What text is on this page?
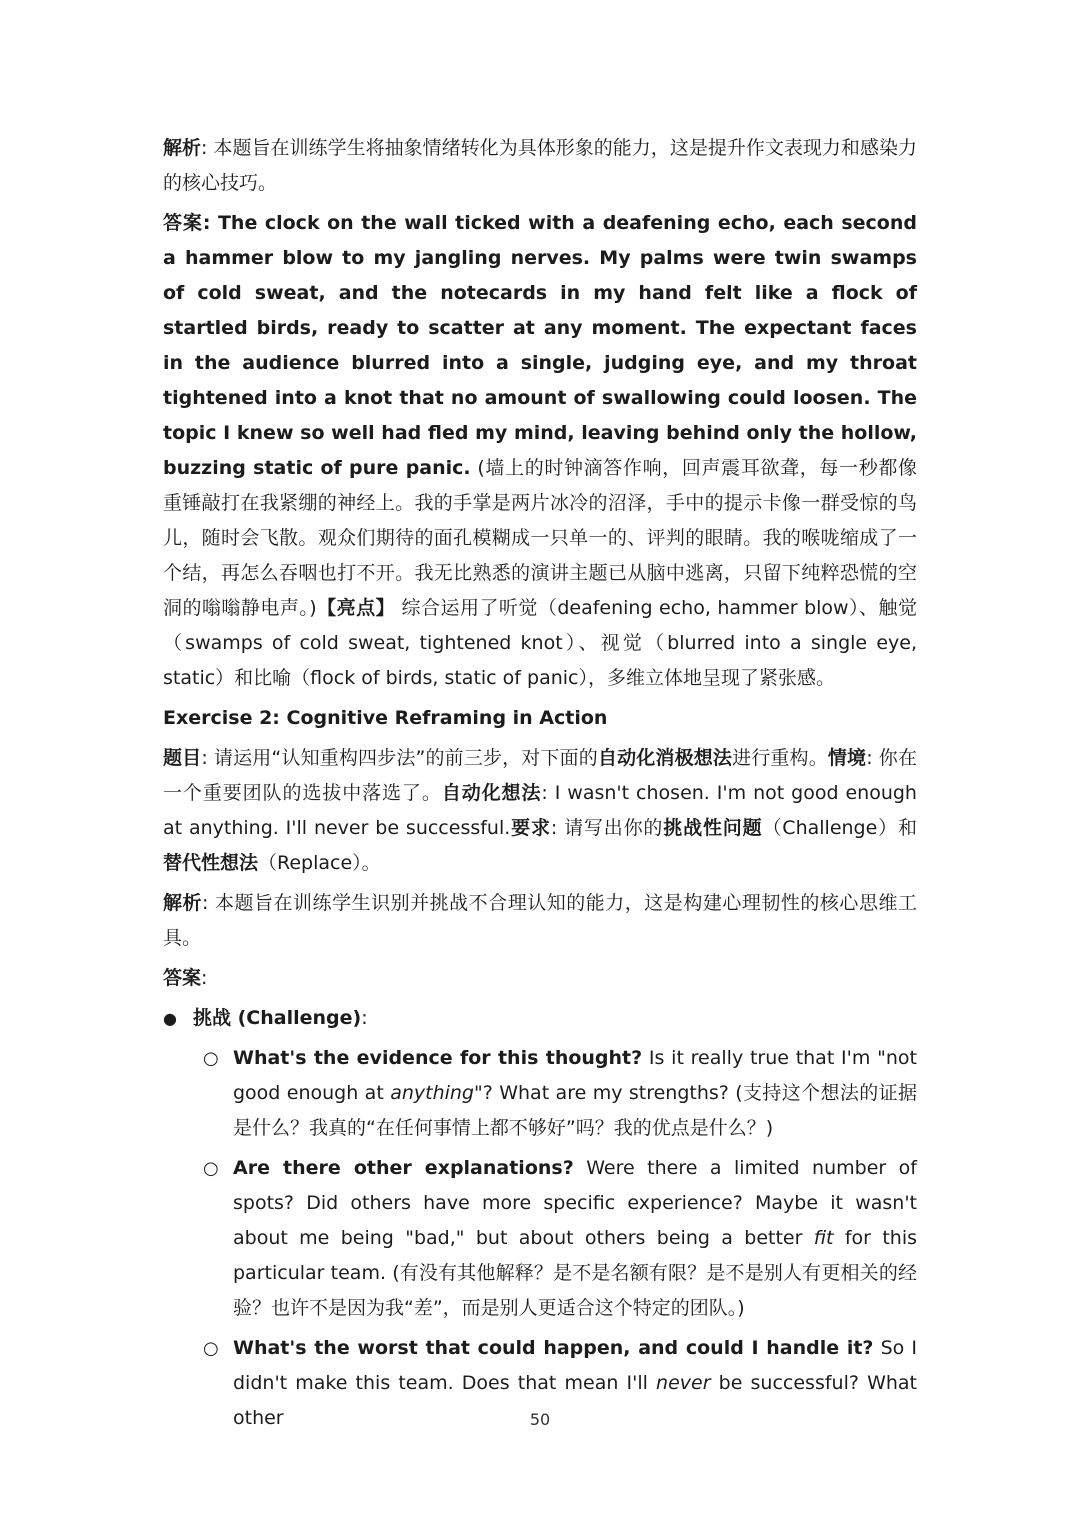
解析: 本题旨在训练学生将抽象情绪转化为具体形象的能力，这是提升作文表现力和感染力的核心技巧。

答案: The clock on the wall ticked with a deafening echo, each second a hammer blow to my jangling nerves. My palms were twin swamps of cold sweat, and the notecards in my hand felt like a flock of startled birds, ready to scatter at any moment. The expectant faces in the audience blurred into a single, judging eye, and my throat tightened into a knot that no amount of swallowing could loosen. The topic I knew so well had fled my mind, leaving behind only the hollow, buzzing static of pure panic. (墙上的时钟滴答作响，回声震耳欲聋，每一秒都像重锤敲打在我紧绷的神经上。我的手掌是两片冰冷的沼泽，手中的提示卡像一群受惊的鸟儿，随时会飞散。观众们期待的面孔模糊成一只单一的、评判的眼睛。我的喉咙缩成了一个结，再怎么吞咽也打不开。我无比熟悉的演讲主题已从脑中逃离，只留下纯粹恐慌的空洞的嗡嗡静电声。)【亮点】 综合运用了听觉（deafening echo, hammer blow）、触觉（swamps of cold sweat, tightened knot）、视觉（blurred into a single eye, static）和比喻（flock of birds, static of panic），多维立体地呈现了紧张感。

Exercise 2: Cognitive Reframing in Action

题目: 请运用“认知重构四步法”的前三步，对下面的自动化消极想法进行重构。情境: 你在一个重要团队的选拔中落选了。自动化想法: I wasn't chosen. I'm not good enough at anything. I'll never be successful.要求: 请写出你的挑战性问题（Challenge）和替代性想法（Replace）。

解析: 本题旨在训练学生识别并挑战不合理认知的能力，这是构建心理韧性的核心思维工具。

答案:

● 挑战 (Challenge):
○ What's the evidence for this thought? Is it really true that I'm "not good enough at anything"? What are my strengths? (支持这个想法的证据是什么？我真的“在任何事情上都不够好”吗？我的优点是什么？)

○ Are there other explanations? Were there a limited number of spots? Did others have more specific experience? Maybe it wasn't about me being "bad," but about others being a better fit for this particular team. (有没有其他解释？是不是名额有限？是不是别人有更相关的经验？也许不是因为我“差”，而是别人更适合这个特定的团队。)

○ What's the worst that could happen, and could I handle it? So I didn't make this team. Does that mean I'll never be successful? What other	50
